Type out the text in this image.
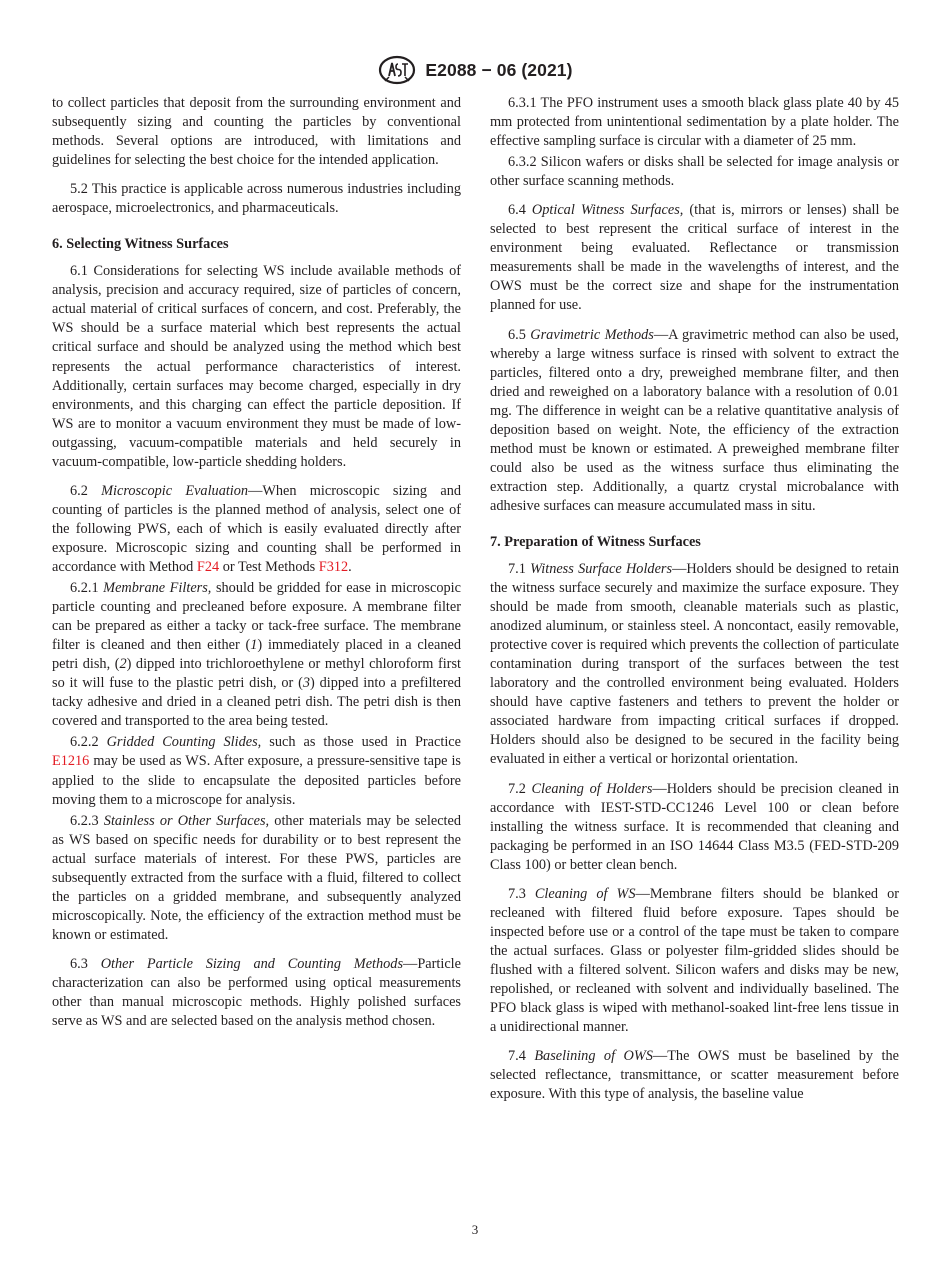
E2088 − 06 (2021)

to collect particles that deposit from the surrounding environment and subsequently sizing and counting the particles by conventional methods. Several options are introduced, with limitations and guidelines for selecting the best choice for the intended application.

5.2 This practice is applicable across numerous industries including aerospace, microelectronics, and pharmaceuticals.

6. Selecting Witness Surfaces

6.1 Considerations for selecting WS include available methods of analysis, precision and accuracy required, size of particles of concern, actual material of critical surfaces of concern, and cost. Preferably, the WS should be a surface material which best represents the actual critical surface and should be analyzed using the method which best represents the actual performance characteristics of interest. Additionally, certain surfaces may become charged, especially in dry environments, and this charging can effect the particle deposition. If WS are to monitor a vacuum environment they must be made of low-outgassing, vacuum-compatible materials and held securely in vacuum-compatible, low-particle shedding holders.

6.2 Microscopic Evaluation—When microscopic sizing and counting of particles is the planned method of analysis, select one of the following PWS, each of which is easily evaluated directly after exposure. Microscopic sizing and counting shall be performed in accordance with Method F24 or Test Methods F312.

6.2.1 Membrane Filters, should be gridded for ease in microscopic particle counting and precleaned before exposure. A membrane filter can be prepared as either a tacky or tack-free surface. The membrane filter is cleaned and then either (1) immediately placed in a cleaned petri dish, (2) dipped into trichloroethylene or methyl chloroform first so it will fuse to the plastic petri dish, or (3) dipped into a prefiltered tacky adhesive and dried in a cleaned petri dish. The petri dish is then covered and transported to the area being tested.

6.2.2 Gridded Counting Slides, such as those used in Practice E1216 may be used as WS. After exposure, a pressure-sensitive tape is applied to the slide to encapsulate the deposited particles before moving them to a microscope for analysis.

6.2.3 Stainless or Other Surfaces, other materials may be selected as WS based on specific needs for durability or to best represent the actual surface materials of interest. For these PWS, particles are subsequently extracted from the surface with a fluid, filtered to collect the particles on a gridded membrane, and subsequently analyzed microscopically. Note, the efficiency of the extraction method must be known or estimated.

6.3 Other Particle Sizing and Counting Methods—Particle characterization can also be performed using optical measurements other than manual microscopic methods. Highly polished surfaces serve as WS and are selected based on the analysis method chosen.

6.3.1 The PFO instrument uses a smooth black glass plate 40 by 45 mm protected from unintentional sedimentation by a plate holder. The effective sampling surface is circular with a diameter of 25 mm.

6.3.2 Silicon wafers or disks shall be selected for image analysis or other surface scanning methods.

6.4 Optical Witness Surfaces, (that is, mirrors or lenses) shall be selected to best represent the critical surface of interest in the environment being evaluated. Reflectance or transmission measurements shall be made in the wavelengths of interest, and the OWS must be the correct size and shape for the instrumentation planned for use.

6.5 Gravimetric Methods—A gravimetric method can also be used, whereby a large witness surface is rinsed with solvent to extract the particles, filtered onto a dry, preweighed membrane filter, and then dried and reweighed on a laboratory balance with a resolution of 0.01 mg. The difference in weight can be a relative quantitative analysis of deposition based on weight. Note, the efficiency of the extraction method must be known or estimated. A preweighed membrane filter could also be used as the witness surface thus eliminating the extraction step. Additionally, a quartz crystal microbalance with adhesive surfaces can measure accumulated mass in situ.

7. Preparation of Witness Surfaces

7.1 Witness Surface Holders—Holders should be designed to retain the witness surface securely and maximize the surface exposure. They should be made from smooth, cleanable materials such as plastic, anodized aluminum, or stainless steel. A noncontact, easily removable, protective cover is required which prevents the collection of particulate contamination during transport of the surfaces between the test laboratory and the controlled environment being evaluated. Holders should have captive fasteners and tethers to prevent the holder or associated hardware from impacting critical surfaces if dropped. Holders should also be designed to be secured in the facility being evaluated in either a vertical or horizontal orientation.

7.2 Cleaning of Holders—Holders should be precision cleaned in accordance with IEST-STD-CC1246 Level 100 or clean before installing the witness surface. It is recommended that cleaning and packaging be performed in an ISO 14644 Class M3.5 (FED-STD-209 Class 100) or better clean bench.

7.3 Cleaning of WS—Membrane filters should be blanked or recleaned with filtered fluid before exposure. Tapes should be inspected before use or a control of the tape must be taken to compare the actual surfaces. Glass or polyester film-gridded slides should be flushed with a filtered solvent. Silicon wafers and disks may be new, repolished, or recleaned with solvent and individually baselined. The PFO black glass is wiped with methanol-soaked lint-free lens tissue in a unidirectional manner.

7.4 Baselining of OWS—The OWS must be baselined by the selected reflectance, transmittance, or scatter measurement before exposure. With this type of analysis, the baseline value

3
